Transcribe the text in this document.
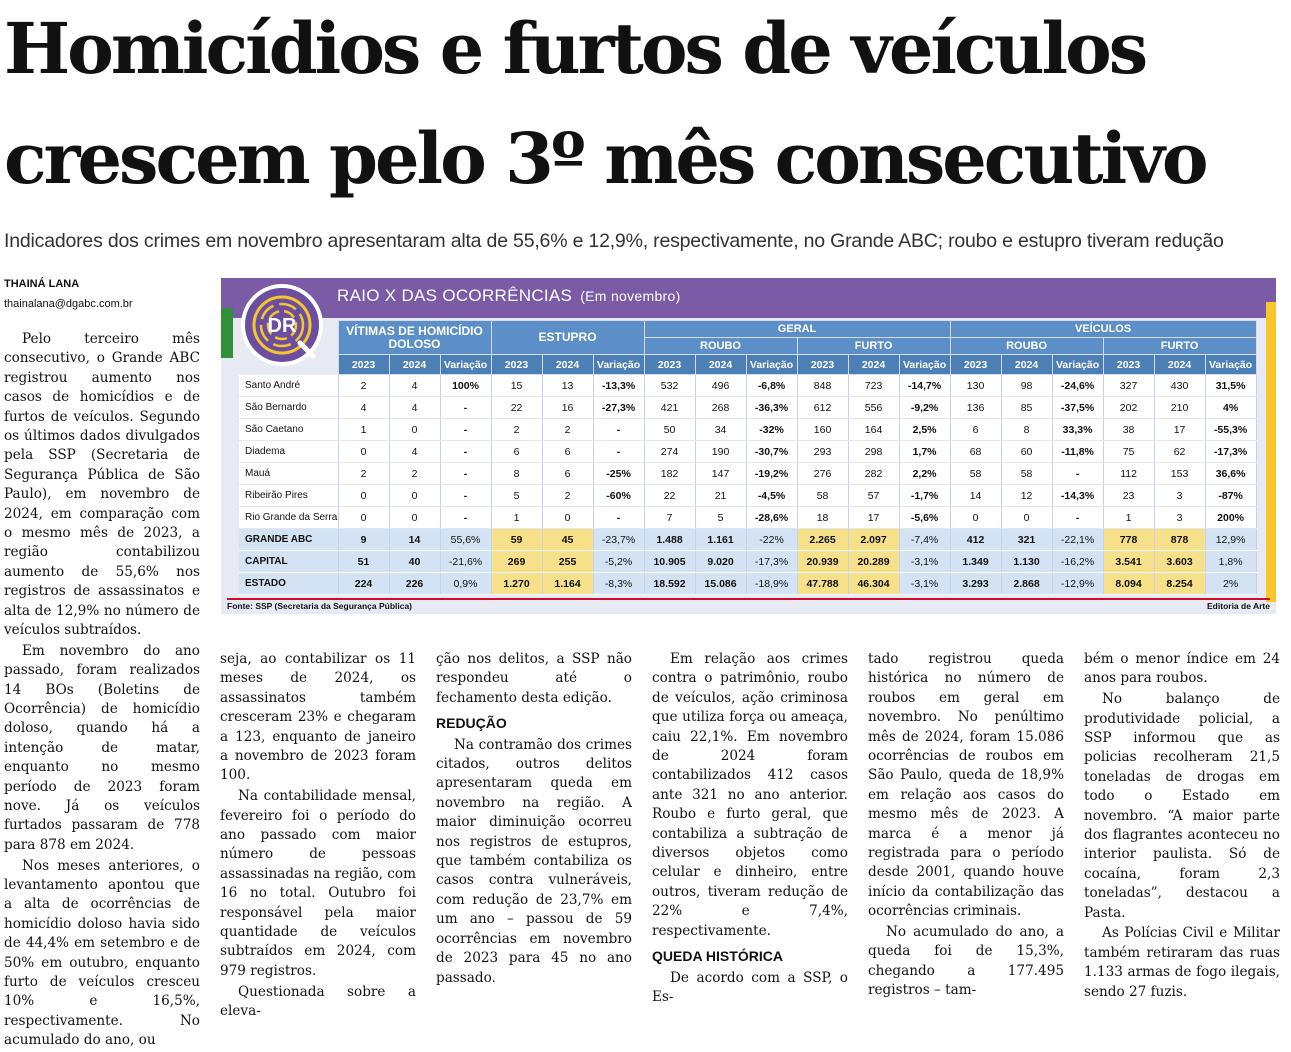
Homicídios e furtos de veículos
crescem pelo 3º mês consecutivo
Indicadores dos crimes em novembro apresentaram alta de 55,6% e 12,9%, respectivamente, no Grande ABC; roubo e estupro tiveram redução
THAINÁ LANA
thainalana@dgabc.com.br
DR
RAIO X DAS OCORRÊNCIAS (Em novembro)
	VÍTIMAS DE HOMICÍDIO DOLOSO			ESTUPRO			GERAL						VEÍCULOS					
							ROUBO			FURTO			ROUBO			FURTO		
	2023	2024	Variação	2023	2024	Variação	2023	2024	Variação	2023	2024	Variação	2023	2024	Variação	2023	2024	Variação
Santo André	2	4	100%	15	13	-13,3%	532	496	-6,8%	848	723	-14,7%	130	98	-24,6%	327	430	31,5%
São Bernardo	4	4	-	22	16	-27,3%	421	268	-36,3%	612	556	-9,2%	136	85	-37,5%	202	210	4%
São Caetano	1	0	-	2	2	-	50	34	-32%	160	164	2,5%	6	8	33,3%	38	17	-55,3%
Diadema	0	4	-	6	6	-	274	190	-30,7%	293	298	1,7%	68	60	-11,8%	75	62	-17,3%
Mauá	2	2	-	8	6	-25%	182	147	-19,2%	276	282	2,2%	58	58	-	112	153	36,6%
Ribeirão Pires	0	0	-	5	2	-60%	22	21	-4,5%	58	57	-1,7%	14	12	-14,3%	23	3	-87%
Rio Grande da Serra	0	0	-	1	0	-	7	5	-28,6%	18	17	-5,6%	0	0	-	1	3	200%
GRANDE ABC	9	14	55,6%	59	45	-23,7%	1.488	1.161	-22%	2.265	2.097	-7,4%	412	321	-22,1%	778	878	12,9%
CAPITAL	51	40	-21,6%	269	255	-5,2%	10.905	9.020	-17,3%	20.939	20.289	-3,1%	1.349	1.130	-16,2%	3.541	3.603	1,8%
ESTADO	224	226	0,9%	1.270	1.164	-8,3%	18.592	15.086	-18,9%	47.788	46.304	-3,1%	3.293	2.868	-12,9%	8.094	8.254	2%
Fonte: SSP (Secretaria da Segurança Pública)	Editoria de Arte

Pelo terceiro mês consecutivo, o Grande ABC registrou aumento nos casos de homicídios e de furtos de veículos. Segundo os últimos dados divulgados pela SSP (Secretaria de Segurança Pública de São Paulo), em novembro de 2024, em comparação com o mesmo mês de 2023, a região contabilizou aumento de 55,6% nos registros de assassinatos e alta de 12,9% no número de veículos subtraídos.

Em novembro do ano passado, foram realizados 14 BOs (Boletins de Ocorrência) de homicídio doloso, quando há a intenção de matar, enquanto no mesmo período de 2023 foram nove. Já os veículos furtados passaram de 778 para 878 em 2024.

Nos meses anteriores, o levantamento apontou que a alta de ocorrências de homicídio doloso havia sido de 44,4% em setembro e de 50% em outubro, enquanto furto de veículos cresceu 10% e 16,5%, respectivamente. No acumulado do ano, ou

seja, ao contabilizar os 11 meses de 2024, os assassinatos também cresceram 23% e chegaram a 123, enquanto de janeiro a novembro de 2023 foram 100.

Na contabilidade mensal, fevereiro foi o período do ano passado com maior número de pessoas assassinadas na região, com 16 no total. Outubro foi responsável pela maior quantidade de veículos subtraídos em 2024, com 979 registros.

Questionada sobre a eleva-

ção nos delitos, a SSP não respondeu até o fechamento desta edição.

REDUÇÃO

Na contramão dos crimes citados, outros delitos apresentaram queda em novembro na região. A maior diminuição ocorreu nos registros de estupros, que também contabiliza os casos contra vulneráveis, com redução de 23,7% em um ano – passou de 59 ocorrências em novembro de 2023 para 45 no ano passado.

Em relação aos crimes contra o patrimônio, roubo de veículos, ação criminosa que utiliza força ou ameaça, caiu 22,1%. Em novembro de 2024 foram contabilizados 412 casos ante 321 no ano anterior. Roubo e furto geral, que contabiliza a subtração de diversos objetos como celular e dinheiro, entre outros, tiveram redução de 22% e 7,4%, respectivamente.

QUEDA HISTÓRICA

De acordo com a SSP, o Es-

tado registrou queda histórica no número de roubos em geral em novembro. No penúltimo mês de 2024, foram 15.086 ocorrências de roubos em São Paulo, queda de 18,9% em relação aos casos do mesmo mês de 2023. A marca é a menor já registrada para o período desde 2001, quando houve início da contabilização das ocorrências criminais.

No acumulado do ano, a queda foi de 15,3%, chegando a 177.495 registros – tam-

bém o menor índice em 24 anos para roubos.

No balanço de produtividade policial, a SSP informou que as policias recolheram 21,5 toneladas de drogas em todo o Estado em novembro. “A maior parte dos flagrantes aconteceu no interior paulista. Só de cocaína, foram 2,3 toneladas”, destacou a Pasta.

As Polícias Civil e Militar também retiraram das ruas 1.133 armas de fogo ilegais, sendo 27 fuzis.
